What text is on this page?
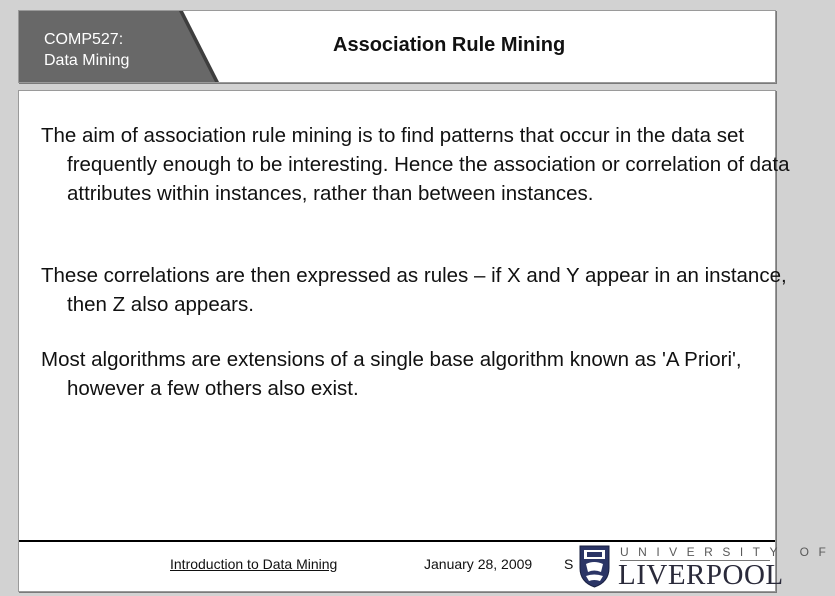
COMP527:
Data Mining
Association Rule Mining

The aim of association rule mining is to find patterns that occur in the data set frequently enough to be interesting. Hence the association or correlation of data attributes within instances, rather than between instances.

These correlations are then expressed as rules – if X and Y appear in an instance, then Z also appears.

Most algorithms are extensions of a single base algorithm known as 'A Priori', however a few others also exist.

Introduction to Data Mining	January 28, 2009 S
UNIVERSITY OF
LIVERPOOL
